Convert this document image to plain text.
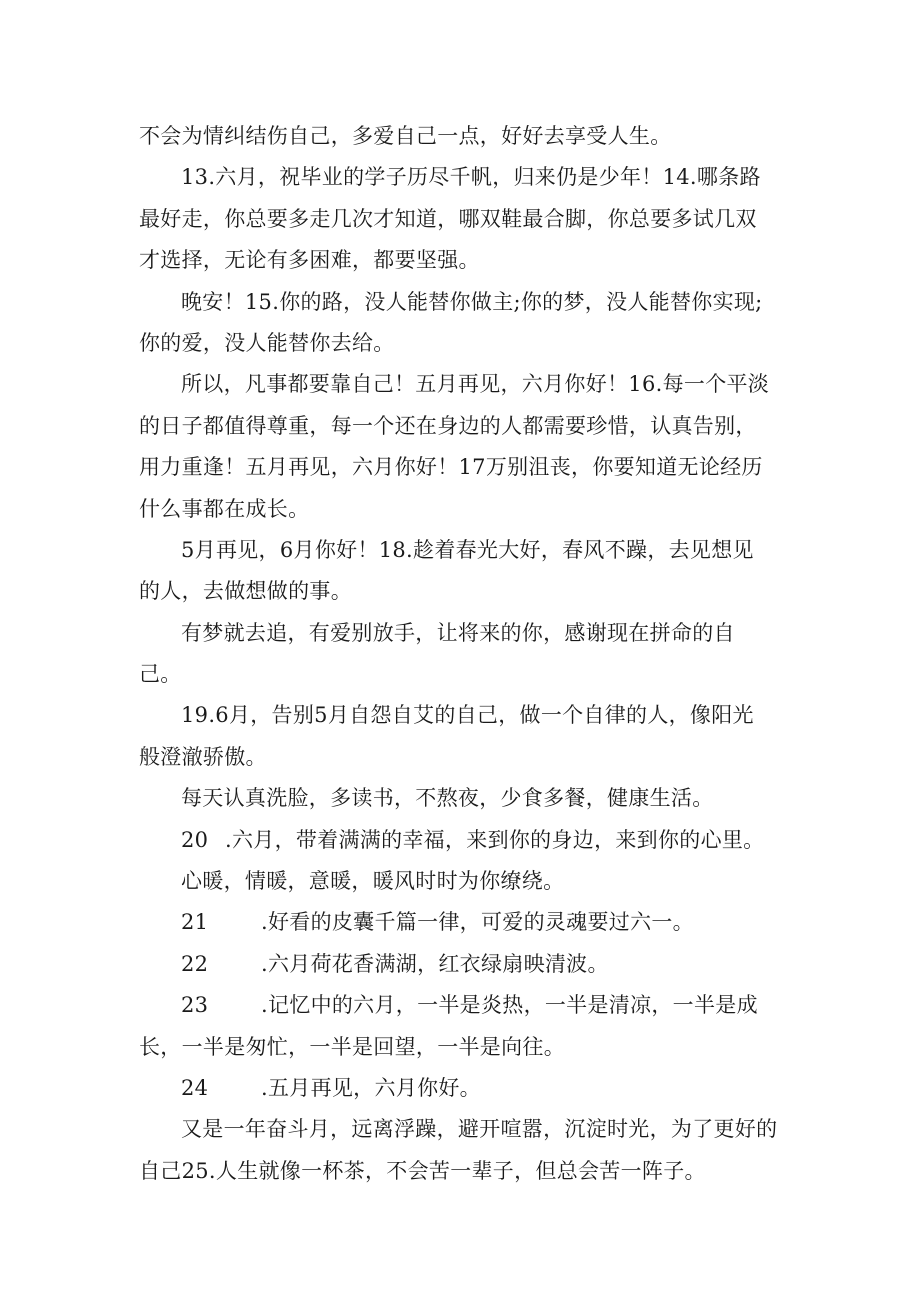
不会为情纠结伤自己，多爱自己一点，好好去享受人生。
13.六月，祝毕业的学子历尽千帆，归来仍是少年！14.哪条路
最好走，你总要多走几次才知道，哪双鞋最合脚，你总要多试几双
才选择，无论有多困难，都要坚强。
晚安！15.你的路，没人能替你做主;你的梦，没人能替你实现;
你的爱，没人能替你去给。
所以，凡事都要靠自己！五月再见，六月你好！16.每一个平淡
的日子都值得尊重，每一个还在身边的人都需要珍惜，认真告别，
用力重逢！五月再见，六月你好！17万别沮丧，你要知道无论经历
什么事都在成长。
5月再见，6月你好！18.趁着春光大好，春风不躁，去见想见
的人，去做想做的事。
有梦就去追，有爱别放手，让将来的你，感谢现在拼命的自
己。
19.6月，告别5月自怨自艾的自己，做一个自律的人，像阳光
般澄澈骄傲。
每天认真洗脸，多读书，不熬夜，少食多餐，健康生活。
20 .六月，带着满满的幸福，来到你的身边，来到你的心里。
心暖，情暖，意暖，暖风时时为你缭绕。
21	.好看的皮囊千篇一律，可爱的灵魂要过六一。
22	.六月荷花香满湖，红衣绿扇映清波。
23	.记忆中的六月，一半是炎热，一半是清凉，一半是成
长，一半是匆忙，一半是回望，一半是向往。
24	.五月再见，六月你好。
又是一年奋斗月，远离浮躁，避开喧嚣，沉淀时光，为了更好的
自己25.人生就像一杯茶，不会苦一辈子，但总会苦一阵子。
